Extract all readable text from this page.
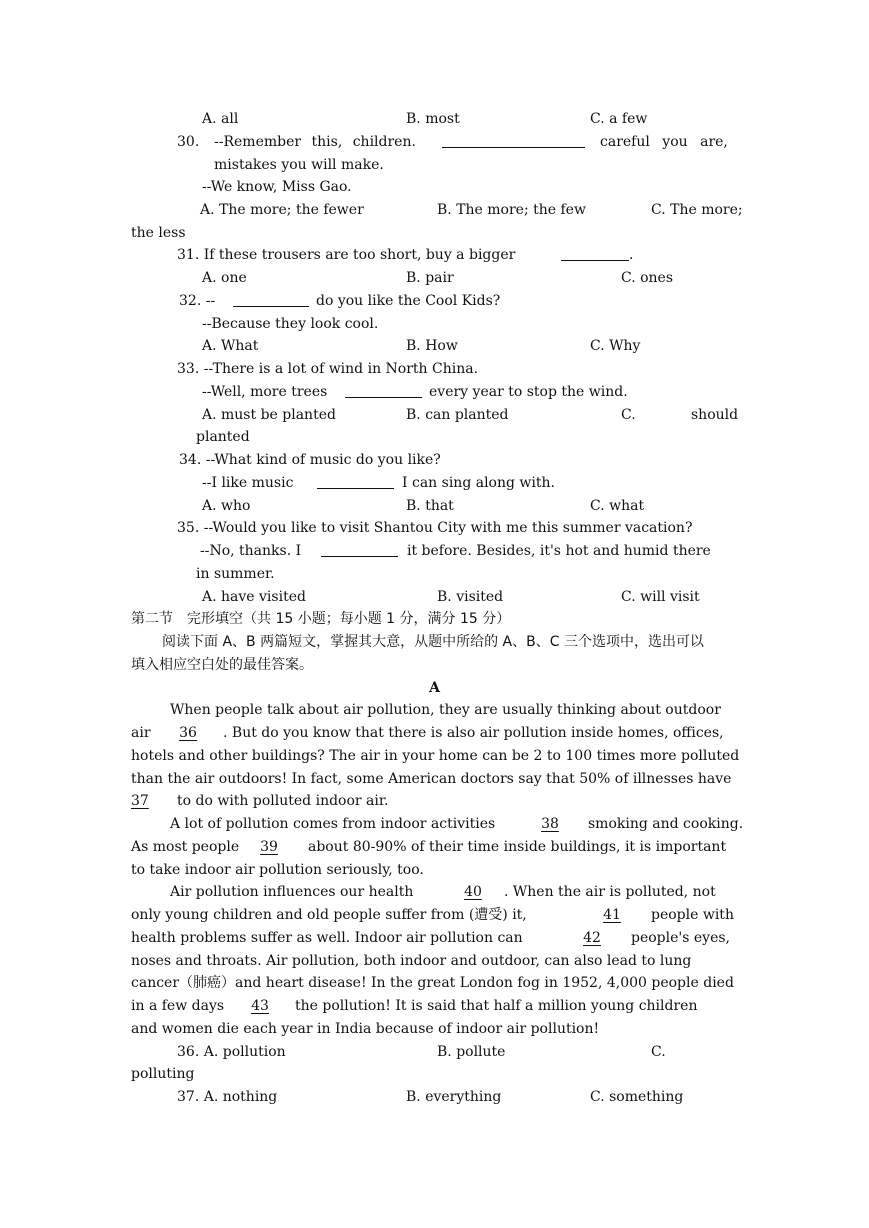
A. all	B. most	C. a few
30. --Remember this, children.	careful you are,
mistakes you will make.
--We know, Miss Gao.
A. The more; the fewer	B. The more; the few	C. The more;
the less
31. If these trousers are too short, buy a bigger	.
A. one	B. pair	C. ones
32. --	do you like the Cool Kids?
--Because they look cool.
A. What	B. How	C. Why
33. --There is a lot of wind in North China.
--Well, more trees	every year to stop the wind.
A. must be planted	B. can planted	C.	should
planted
34. --What kind of music do you like?
--I like music	I can sing along with.
A. who	B. that	C. what
35. --Would you like to visit Shantou City with me this summer vacation?
--No, thanks. I	it before. Besides, it's hot and humid there
in summer.
A. have visited	B. visited	C. will visit
第二节　完形填空（共 15 小题；每小题 1 分，满分 15 分）
阅读下面 A、B 两篇短文，掌握其大意，从题中所给的 A、B、C 三个选项中，选出可以
填入相应空白处的最佳答案。
A
When people talk about air pollution, they are usually thinking about outdoor
air	36	. But do you know that there is also air pollution inside homes, offices,
hotels and other buildings? The air in your home can be 2 to 100 times more polluted
than the air outdoors! In fact, some American doctors say that 50% of illnesses have
37	to do with polluted indoor air.
A lot of pollution comes from indoor activities	38	smoking and cooking.
As most people	39	about 80-90% of their time inside buildings, it is important
to take indoor air pollution seriously, too.
Air pollution influences our health	40	. When the air is polluted, not
only young children and old people suffer from (遭受) it,	41	people with
health problems suffer as well. Indoor air pollution can	42	people's eyes,
noses and throats. Air pollution, both indoor and outdoor, can also lead to lung
cancer（肺癌）and heart disease! In the great London fog in 1952, 4,000 people died
in a few days	43	the pollution! It is said that half a million young children
and women die each year in India because of indoor air pollution!
36. A. pollution	B. pollute	C.
polluting
37. A. nothing	B. everything	C. something
